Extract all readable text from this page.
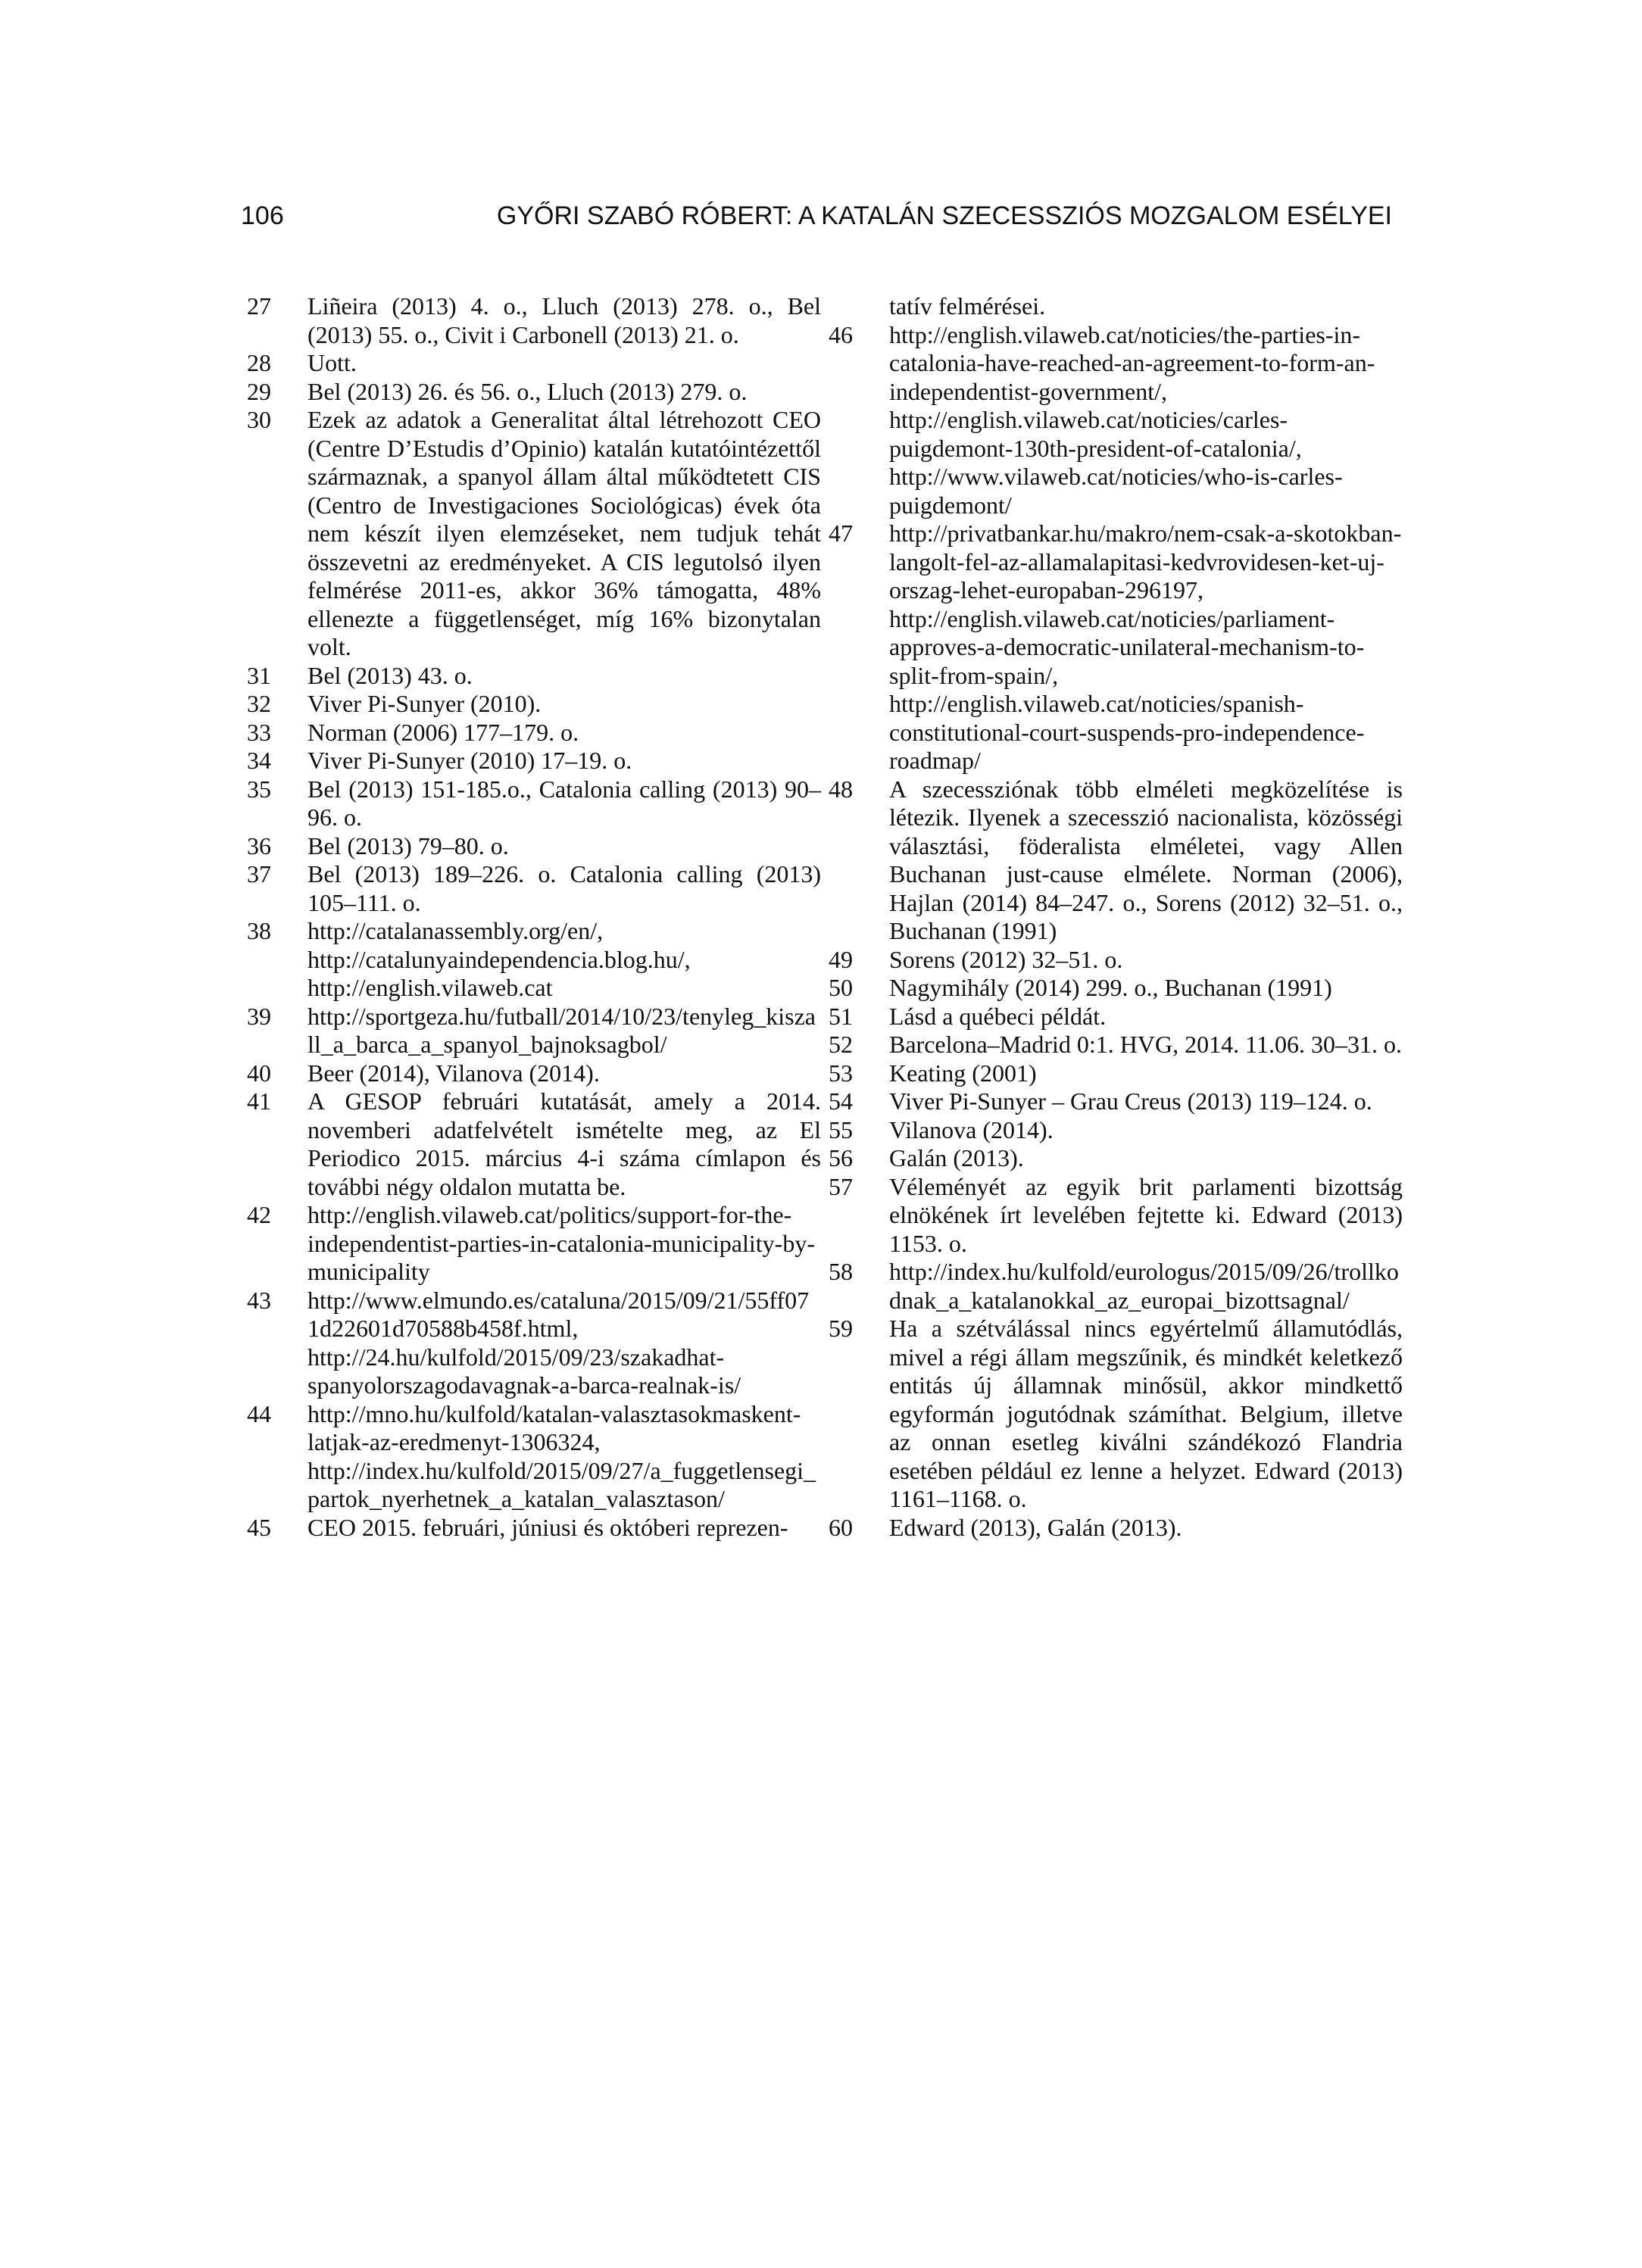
106	GYŐRI SZABÓ RÓBERT: A KATALÁN SZECESSZIÓS MOZGALOM ESÉLYEI
27	Liñeira (2013) 4. o., Lluch (2013) 278. o., Bel (2013) 55. o., Civit i Carbonell (2013) 21. o.
28	Uott.
29	Bel (2013) 26. és 56. o., Lluch (2013) 279. o.
30	Ezek az adatok a Generalitat által létrehozott CEO (Centre D’Estudis d’Opinio) katalán kutatóintézettől származnak, a spanyol állam által működtetett CIS (Centro de Investigaciones Sociológicas) évek óta nem készít ilyen elemzéseket, nem tudjuk tehát összevetni az eredményeket. A CIS legutolsó ilyen felmérése 2011-es, akkor 36% támogatta, 48% ellenezte a függetlenséget, míg 16% bizonytalan volt.
31	Bel (2013) 43. o.
32	Viver Pi-Sunyer (2010).
33	Norman (2006) 177–179. o.
34	Viver Pi-Sunyer (2010) 17–19. o.
35	Bel (2013) 151-185.o., Catalonia calling (2013) 90–96. o.
36	Bel (2013) 79–80. o.
37	Bel (2013) 189–226. o. Catalonia calling (2013) 105–111. o.
38	http://catalanassembly.org/en/, http://catalunyaindependencia.blog.hu/, http://english.vilaweb.cat
39	http://sportgeza.hu/futball/2014/10/23/tenyleg_kiszall_a_barca_a_spanyol_bajnoksagbol/
40	Beer (2014), Vilanova (2014).
41	A GESOP februári kutatását, amely a 2014. novemberi adatfelvételt ismételte meg, az El Periodico 2015. március 4-i száma címlapon és további négy oldalon mutatta be.
42	http://english.vilaweb.cat/politics/support-for-the-independentist-parties-in-catalonia-municipality-by-municipality
43	http://www.elmundo.es/cataluna/2015/09/21/55ff071d22601d70588b458f.html, http://24.hu/kulfold/2015/09/23/szakadhat-spanyolorszagodavagnak-a-barca-realnak-is/
44	http://mno.hu/kulfold/katalan-valasztasokmaskent-latjak-az-eredmenyt-1306324, http://index.hu/kulfold/2015/09/27/a_fuggetlensegi_partok_nyerhetnek_a_katalan_valasztason/
45	CEO 2015. februári, júniusi és októberi reprezen-
tatív felmérései.
46	http://english.vilaweb.cat/noticies/the-parties-in-catalonia-have-reached-an-agreement-to-form-an-independentist-government/, http://english.vilaweb.cat/noticies/carles-puigdemont-130th-president-of-catalonia/, http://www.vilaweb.cat/noticies/who-is-carles-puigdemont/
47	http://privatbankar.hu/makro/nem-csak-a-skotokban-langolt-fel-az-allamalapitasi-kedvrovidesen-ket-uj-orszag-lehet-europaban-296197, http://english.vilaweb.cat/noticies/parliament-approves-a-democratic-unilateral-mechanism-to-split-from-spain/, http://english.vilaweb.cat/noticies/spanish-constitutional-court-suspends-pro-independence-roadmap/
48	A szecessziónak több elméleti megközelítése is létezik. Ilyenek a szecesszió nacionalista, közösségi választási, föderalista elméletei, vagy Allen Buchanan just-cause elmélete. Norman (2006), Hajlan (2014) 84–247. o., Sorens (2012) 32–51. o., Buchanan (1991)
49	Sorens (2012) 32–51. o.
50	Nagymihály (2014) 299. o., Buchanan (1991)
51	Lásd a québeci példát.
52	Barcelona–Madrid 0:1. HVG, 2014. 11.06. 30–31. o.
53	Keating (2001)
54	Viver Pi-Sunyer – Grau Creus (2013) 119–124. o.
55	Vilanova (2014).
56	Galán (2013).
57	Véleményét az egyik brit parlamenti bizottság elnökének írt levelében fejtette ki. Edward (2013) 1153. o.
58	http://index.hu/kulfold/eurologus/2015/09/26/trollkodnak_a_katalanokkal_az_europai_bizottsagnal/
59	Ha a szétválással nincs egyértelmű államutódlás, mivel a régi állam megszűnik, és mindkét keletkező entitás új államnak minősül, akkor mindkettő egyformán jogutódnak számíthat. Belgium, illetve az onnan esetleg kiválni szándékozó Flandria esetében például ez lenne a helyzet. Edward (2013) 1161–1168. o.
60	Edward (2013), Galán (2013).
